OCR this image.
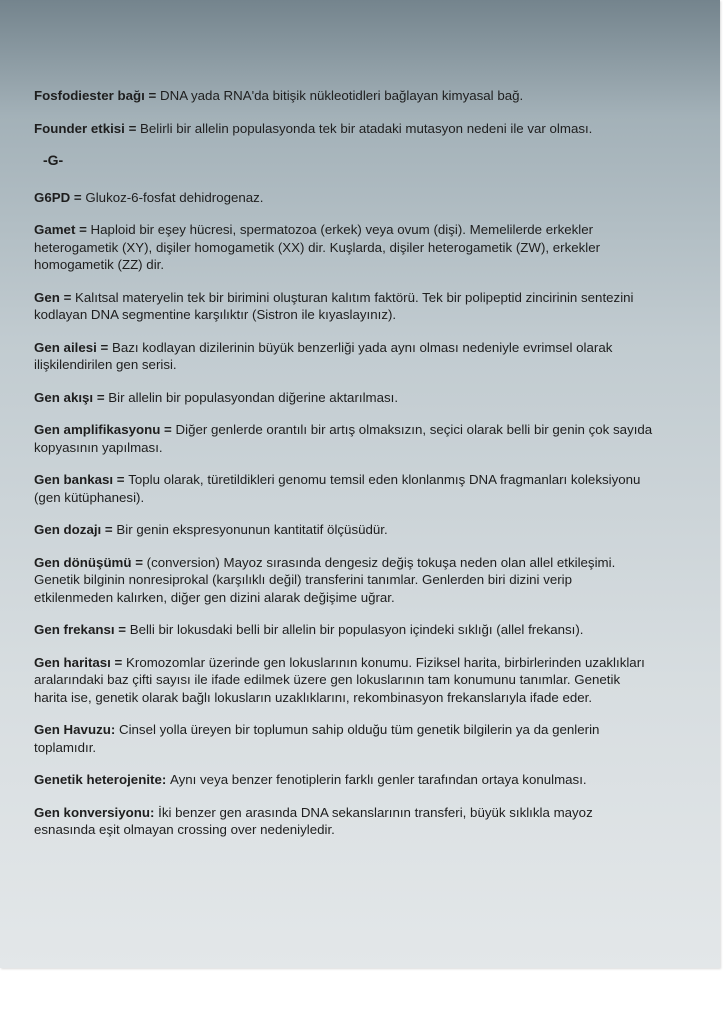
Fosfodiester bağı = DNA yada RNA'da bitişik nükleotidleri bağlayan kimyasal bağ.

Founder etkisi = Belirli bir allelin populasyonda tek bir atadaki mutasyon nedeni ile var olması.

-G-

G6PD = Glukoz-6-fosfat dehidrogenaz.

Gamet = Haploid bir eşey hücresi, spermatozoa (erkek) veya ovum (dişi). Memelilerde erkekler heterogametik (XY), dişiler homogametik (XX) dir. Kuşlarda, dişiler heterogametik (ZW), erkekler homogametik (ZZ) dir.

Gen = Kalıtsal materyelin tek bir birimini oluşturan kalıtım faktörü. Tek bir polipeptid zincirinin sentezini kodlayan DNA segmentine karşılıktır (Sistron ile kıyaslayınız).

Gen ailesi = Bazı kodlayan dizilerinin büyük benzerliği yada aynı olması nedeniyle evrimsel olarak ilişkilendirilen gen serisi.

Gen akışı = Bir allelin bir populasyondan diğerine aktarılması.

Gen amplifikasyonu = Diğer genlerde orantılı bir artış olmaksızın, seçici olarak belli bir genin çok sayıda kopyasının yapılması.

Gen bankası = Toplu olarak, türetildikleri genomu temsil eden klonlanmış DNA fragmanları koleksiyonu (gen kütüphanesi).

Gen dozajı = Bir genin ekspresyonunun kantitatif ölçüsüdür.

Gen dönüşümü = (conversion) Mayoz sırasında dengesiz değiş tokuşa neden olan allel etkileşimi. Genetik bilginin nonresiprokal (karşılıklı değil) transferini tanımlar. Genlerden biri dizini verip etkilenmeden kalırken, diğer gen dizini alarak değişime uğrar.

Gen frekansı = Belli bir lokusdaki belli bir allelin bir populasyon içindeki sıklığı (allel frekansı).

Gen haritası = Kromozomlar üzerinde gen lokuslarının konumu. Fiziksel harita, birbirlerinden uzaklıkları aralarındaki baz çifti sayısı ile ifade edilmek üzere gen lokuslarının tam konumunu tanımlar. Genetik harita ise, genetik olarak bağlı lokusların uzaklıklarını, rekombinasyon frekanslarıyla ifade eder.

Gen Havuzu: Cinsel yolla üreyen bir toplumun sahip olduğu tüm genetik bilgilerin ya da genlerin toplamıdır.

Genetik heterojenite: Aynı veya benzer fenotiplerin farklı genler tarafından ortaya konulması.

Gen konversiyonu: İki benzer gen arasında DNA sekanslarının transferi, büyük sıklıkla mayoz esnasında eşit olmayan crossing over nedeniyledir.
